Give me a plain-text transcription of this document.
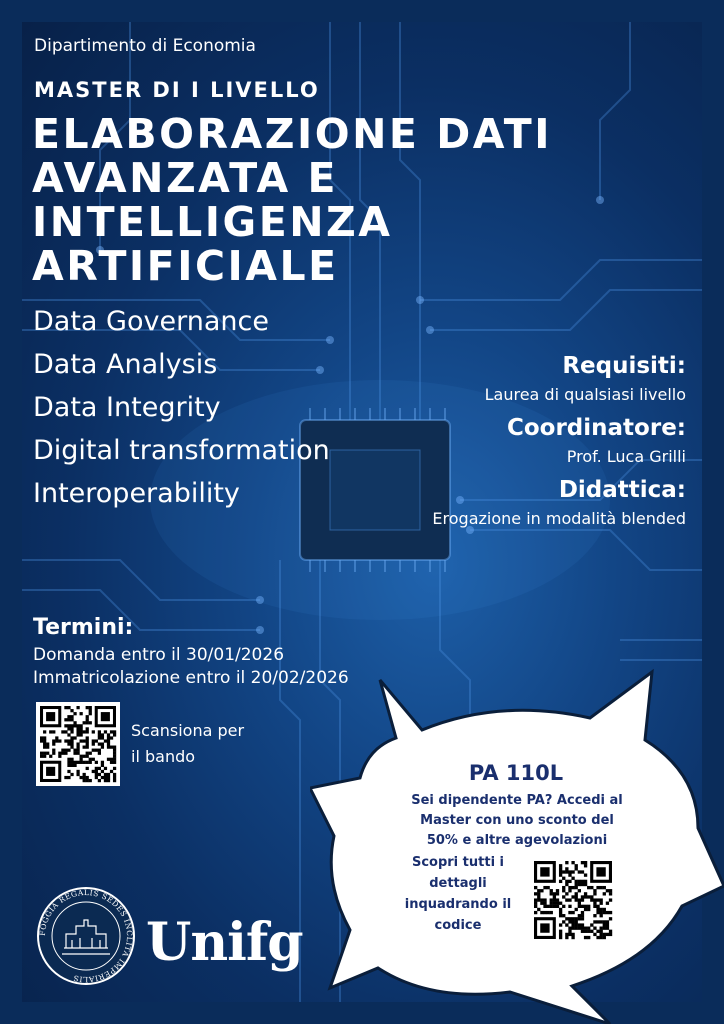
Dipartimento di Economia
MASTER DI I LIVELLO
ELABORAZIONE DATI
AVANZATA E
INTELLIGENZA ARTIFICIALE
Data Governance
Data Analysis
Data Integrity
Digital transformation
Interoperability
Requisiti:
Laurea di qualsiasi livello
Coordinatore:
Prof. Luca Grilli
Didattica:
Erogazione in modalità blended
Termini:
Domanda entro il 30/01/2026
Immatricolazione entro il 20/02/2026
Scansiona per
il bando
PA 110L
Sei dipendente PA? Accedi al
Master con uno sconto del
50% e altre agevolazioni
Scopri tutti i
dettagli
inquadrando il
codice
FOGGIA REGALIS SEDES INCLITA IMPERIALIS
Unifg
